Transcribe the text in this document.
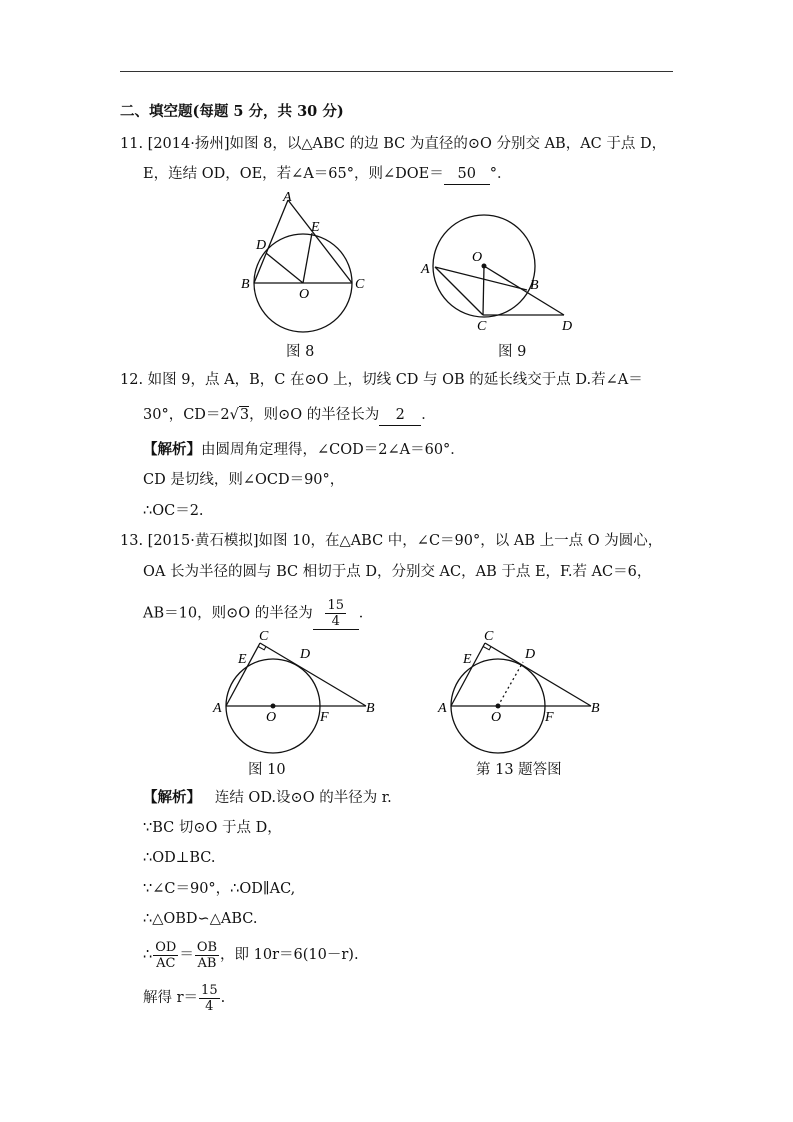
二、填空题(每题 5 分，共 30 分)
11. [2014·扬州]如图 8，以△ABC 的边 BC 为直径的⊙O 分别交 AB，AC 于点 D，
E，连结 OD，OE，若∠A＝65°，则∠DOE＝ 50 °．
A
B	C
D
E
O
图 8
A
B
C	D
O
图 9
12. 如图 9，点 A，B，C 在⊙O 上，切线 CD 与 OB 的延长线交于点 D.若∠A＝
30°，CD＝2√3，则⊙O 的半径长为 2 ．
【解析】由圆周角定理得，∠COD＝2∠A＝60°．
CD 是切线，则∠OCD＝90°，
∴OC＝2.
13. [2015·黄石模拟]如图 10，在△ABC 中，∠C＝90°，以 AB 上一点 O 为圆心，
OA 长为半径的圆与 BC 相切于点 D，分别交 AC，AB 于点 E，F.若 AC＝6，
AB＝10，则⊙O 的半径为 $\frac{15}{4}$ ．
A	B
C
D
E
F
O
图 10
A	B
C
D
E
F
O
第 13 题答图
【解析】 连结 OD.设⊙O 的半径为 r.
∵BC 切⊙O 于点 D，
∴OD⊥BC.
∵∠C＝90°，∴OD∥AC,
∴△OBD∽△ABC.
∴ $\frac{OD}{AC} = \frac{OB}{AB}$ ，即 10r＝6(10－r).
解得 $r= \frac{15}{4}$ .
